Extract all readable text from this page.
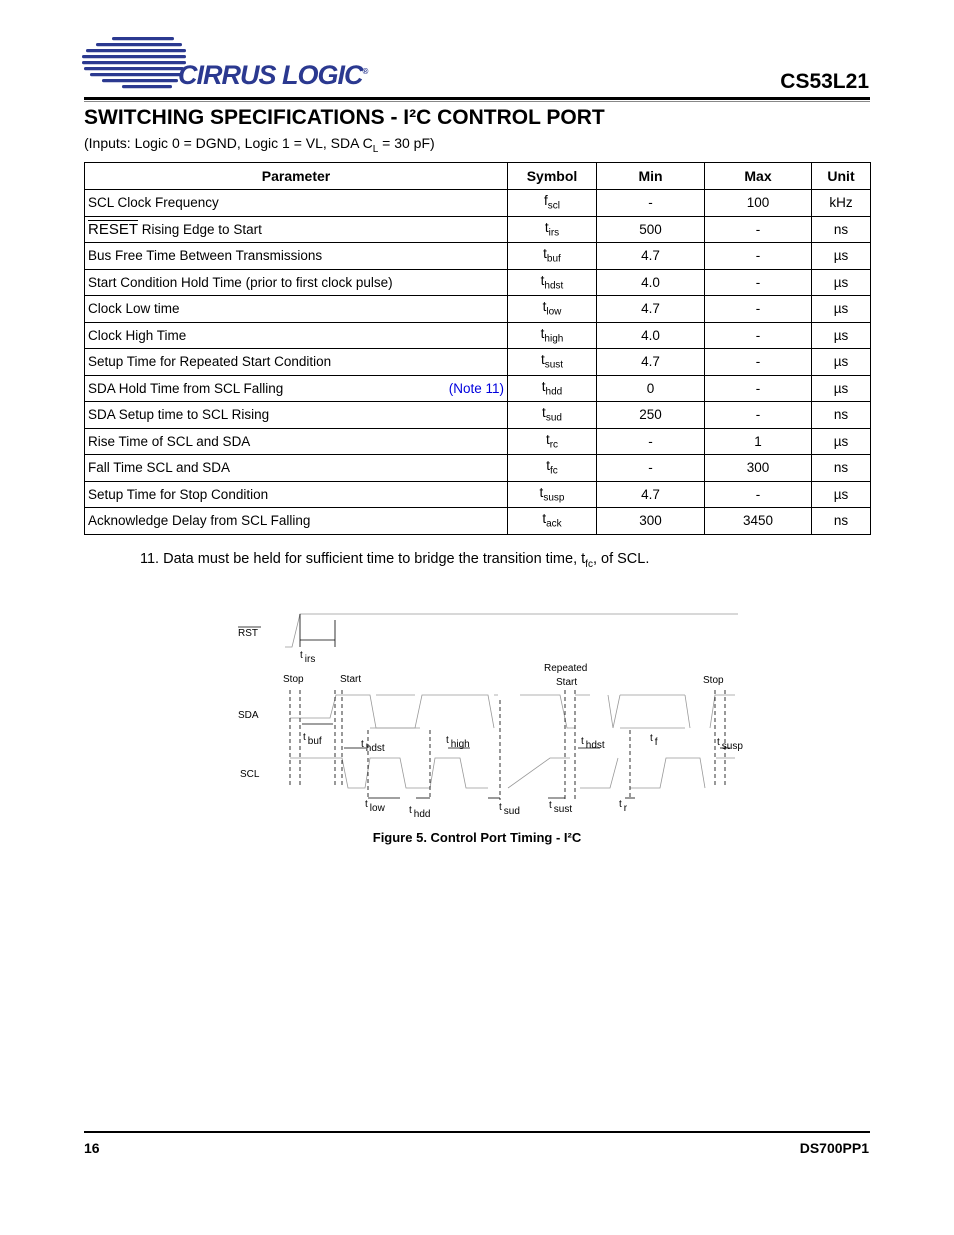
CIRRUS LOGIC®	CS53L21
SWITCHING SPECIFICATIONS - I²C CONTROL PORT
(Inputs: Logic 0 = DGND, Logic 1 = VL, SDA $C_L = 30$ pF)
Parameter	Symbol	Min	Max	Unit
SCL Clock Frequency	$f_{scl}$	-	100	kHz
RESET Rising Edge to Start	$t_{irs}$	500	-	ns
Bus Free Time Between Transmissions	$t_{buf}$	4.7	-	µs
Start Condition Hold Time (prior to first clock pulse)	$t_{hdst}$	4.0	-	µs
Clock Low time	$t_{low}$	4.7	-	µs
Clock High Time	$t_{high}$	4.0	-	µs
Setup Time for Repeated Start Condition	$t_{sust}$	4.7	-	µs
SDA Hold Time from SCL Falling (Note 11)	$t_{hdd}$	0	-	µs
SDA Setup time to SCL Rising	$t_{sud}$	250	-	ns
Rise Time of SCL and SDA	$t_{rc}$	-	1	µs
Fall Time SCL and SDA	$t_{fc}$	-	300	ns
Setup Time for Stop Condition	$t_{susp}$	4.7	-	µs
Acknowledge Delay from SCL Falling	$t_{ack}$	300	3450	ns
11. Data must be held for sufficient time to bridge the transition time, $t_{fc}$, of SCL.
RST
SDA
SCL
Stop	Start
Repeated
Start	Stop
t irs
t buf	t hdst
t high	t hdst
t f	t susp
t low t hdd
t sud
t sust	t r
Figure 5. Control Port Timing - I²C
16	DS700PP1
